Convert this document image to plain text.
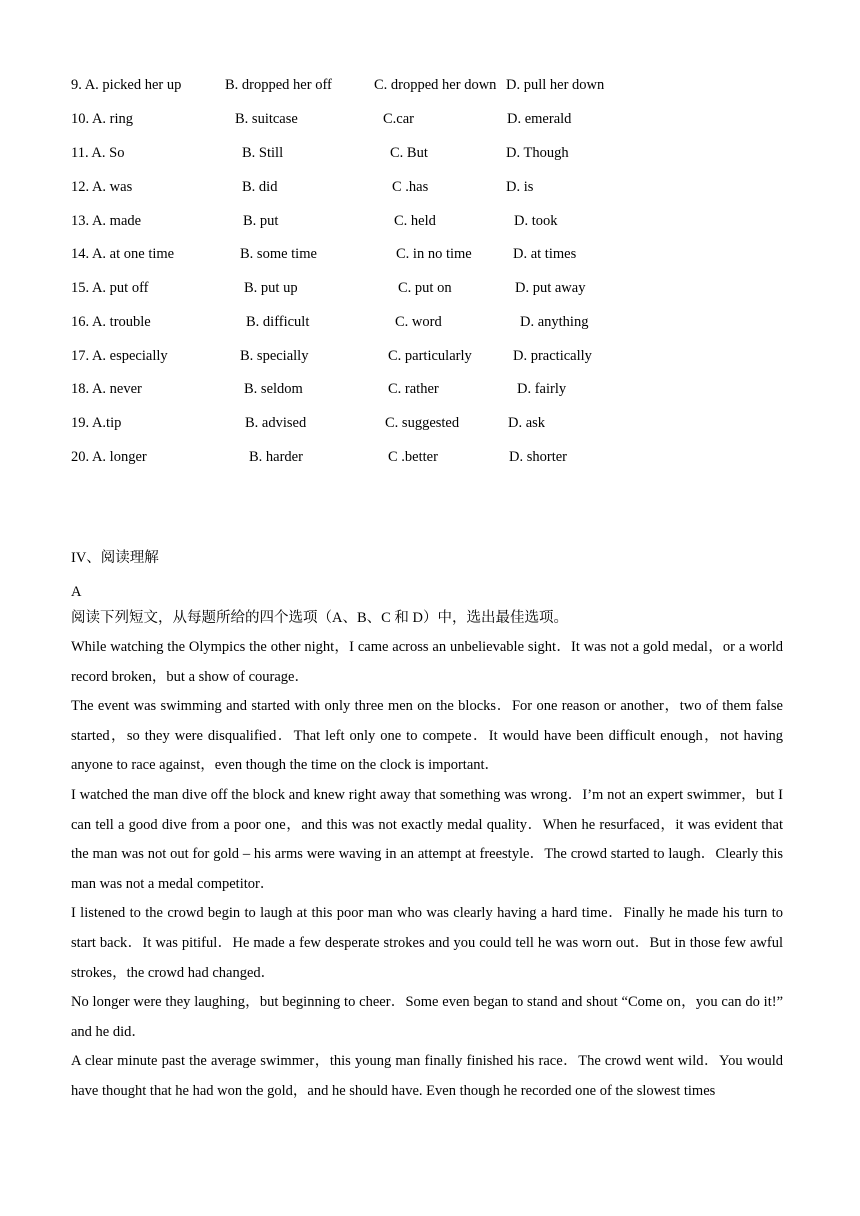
9. A. picked her up	B. dropped her off	C. dropped her down D. pull her down
10. A. ring	B. suitcase	C.car	D. emerald
11. A. So	B. Still	C. But	D. Though
12. A. was	B. did	C .has	D. is
13. A. made	B. put	C. held	D. took
14. A. at one time	B. some time	C. in no time	D. at times
15. A. put off	B. put up	C. put on	D. put away
16. A. trouble	B. difficult	C. word	D. anything
17. A. especially	B. specially	C. particularly	D. practically
18. A. never	B. seldom	C. rather	D. fairly
19. A.tip	B. advised	C. suggested	D. ask
20. A. longer	B. harder	C .better	D. shorter
IV、阅读理解
A
阅读下列短文，从每题所给的四个选项（A、B、C 和 D）中，选出最佳选项。

While watching the Olympics the other night，I came across an unbelievable sight．It was not a gold medal，or a world record broken，but a show of courage．

The event was swimming and started with only three men on the blocks．For one reason or another，two of them false started，so they were disqualified．That left only one to compete．It would have been difficult enough，not having anyone to race against，even though the time on the clock is important．

I watched the man dive off the block and knew right away that something was wrong．I’m not an expert swimmer，but I can tell a good dive from a poor one，and this was not exactly medal quality．When he resurfaced，it was evident that the man was not out for gold – his arms were waving in an attempt at freestyle．The crowd started to laugh．Clearly this man was not a medal competitor．

I listened to the crowd begin to laugh at this poor man who was clearly having a hard time．Finally he made his turn to start back．It was pitiful．He made a few desperate strokes and you could tell he was worn out．But in those few awful strokes，the crowd had changed．

No longer were they laughing，but beginning to cheer．Some even began to stand and shout “Come on，you can do it!” and he did．

A clear minute past the average swimmer，this young man finally finished his race．The crowd went wild．You would have thought that he had won the gold，and he should have. Even though he recorded one of the slowest times
